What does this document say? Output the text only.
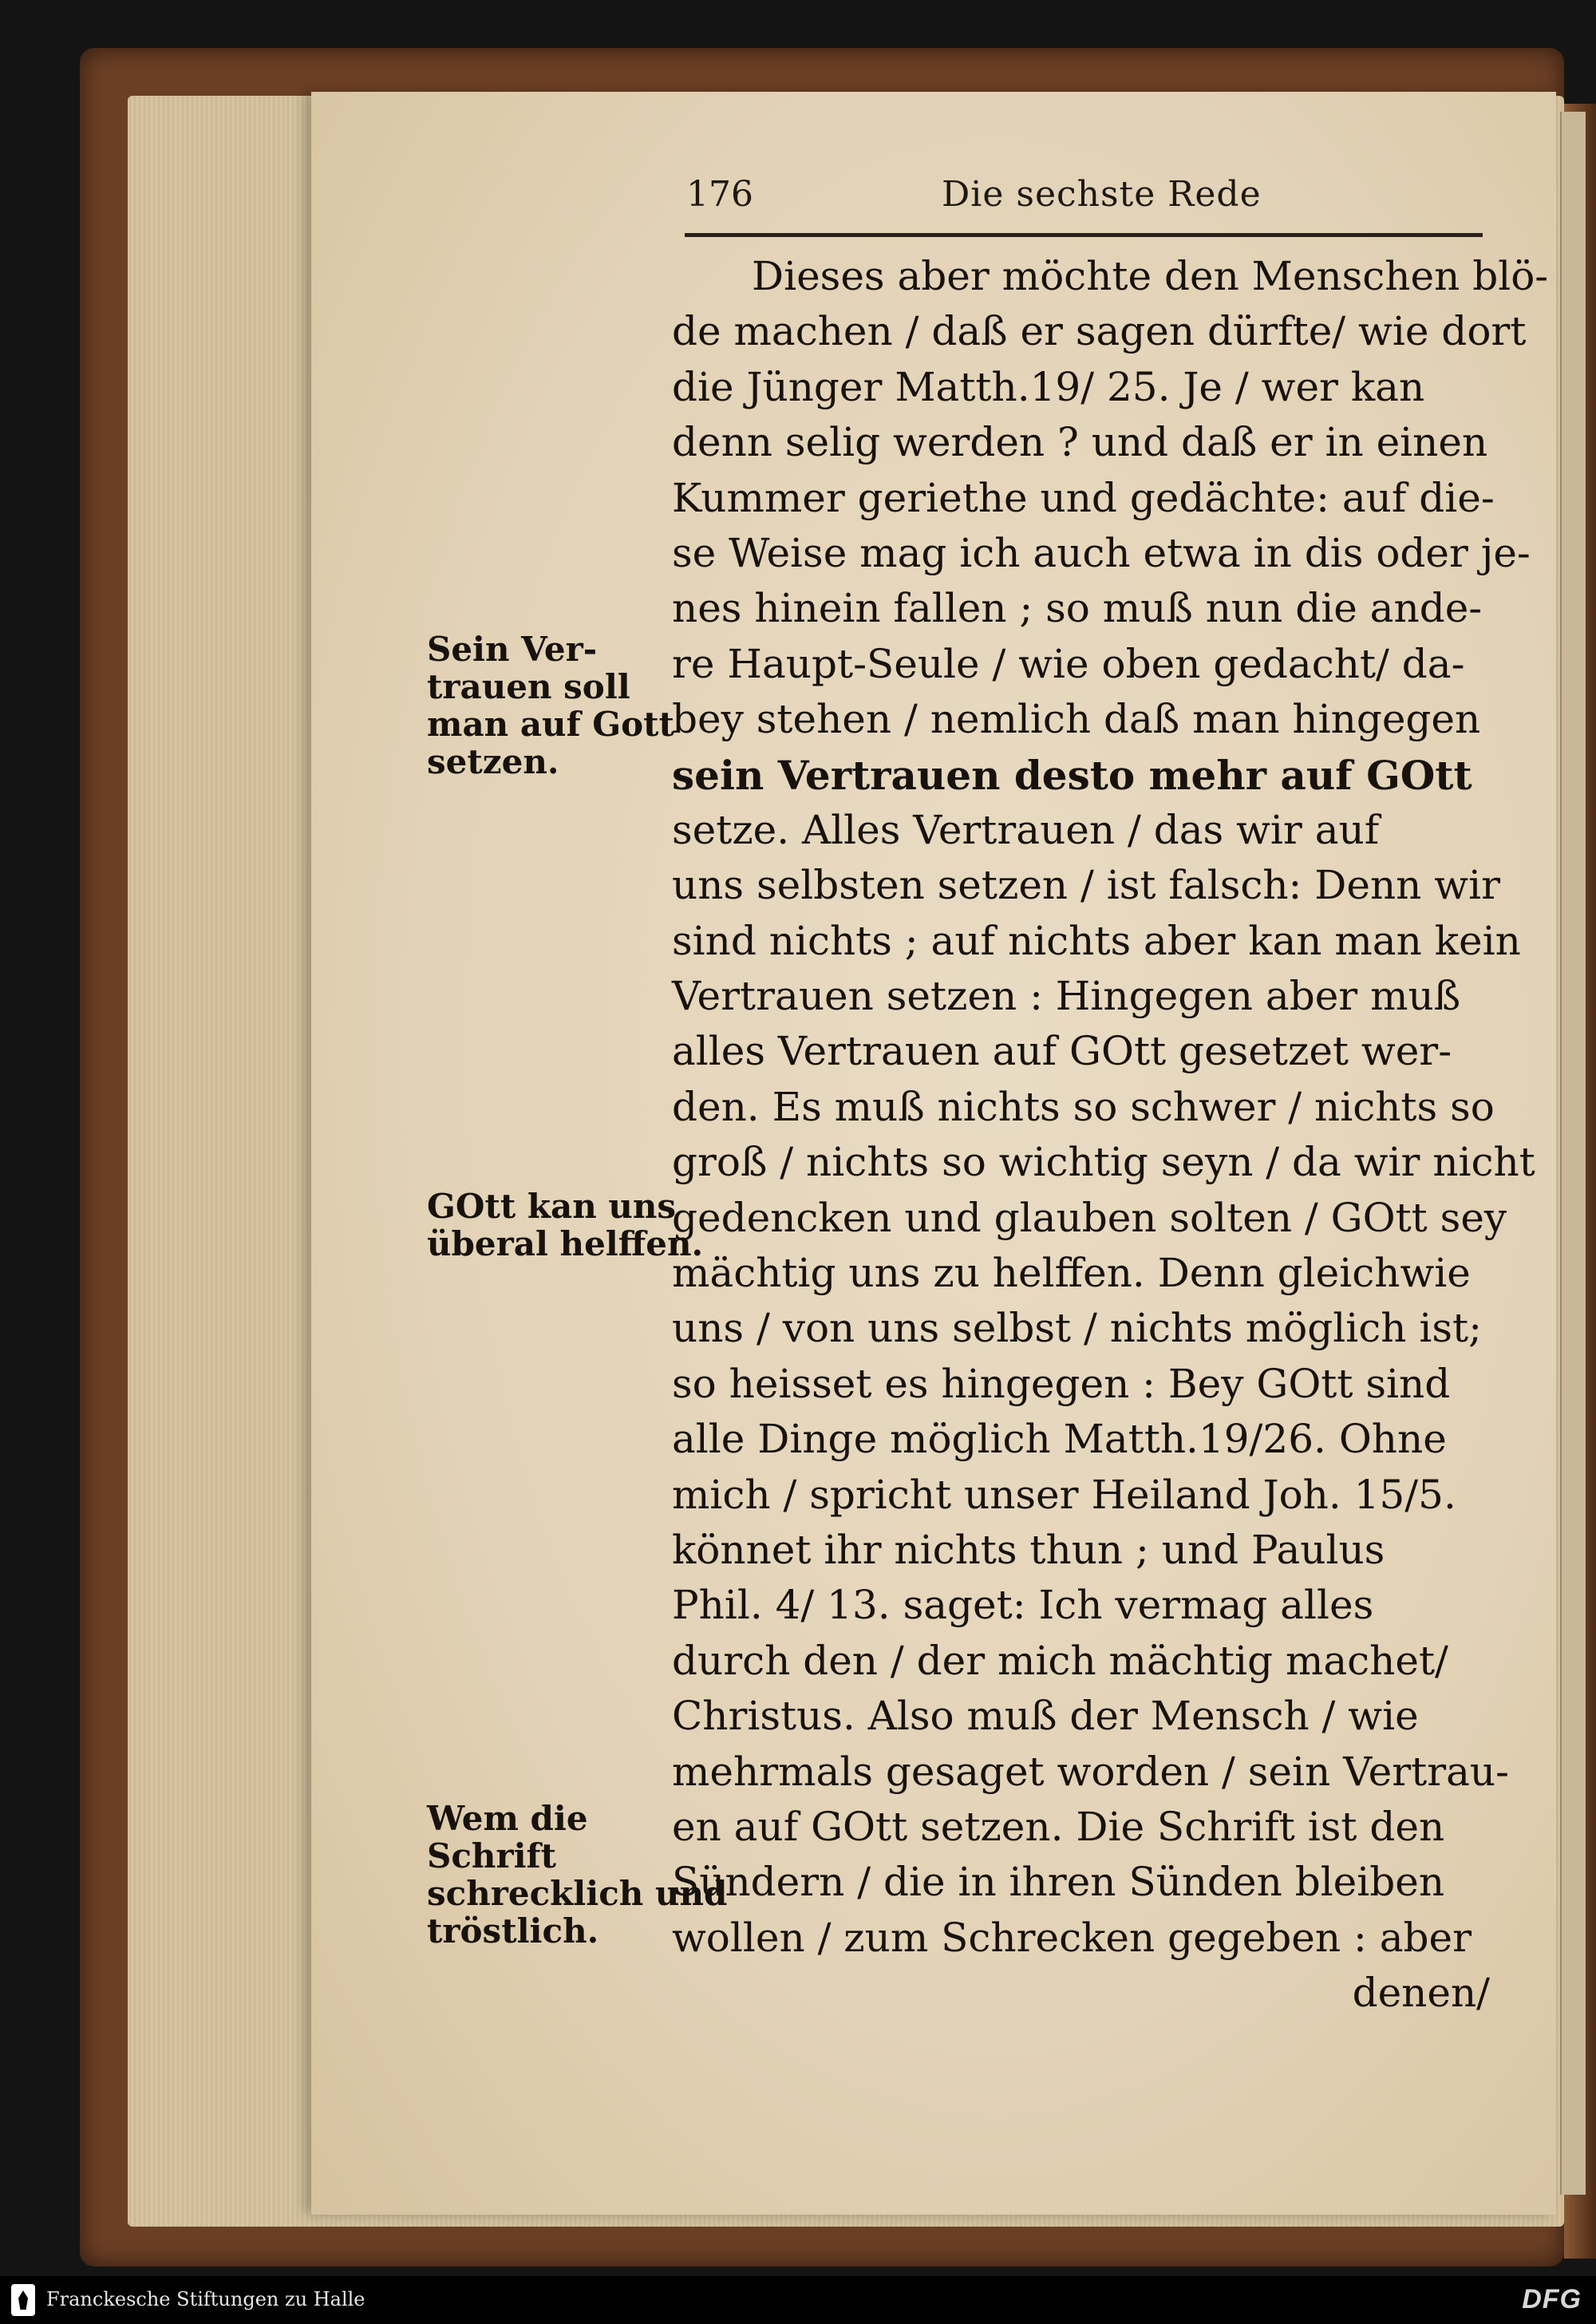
176	Die sechste Rede
Dieses aber möchte den Menschen blö-
de machen / daß er sagen dürfte/ wie dort
die Jünger Matth.19/ 25. Je / wer kan
denn selig werden ? und daß er in einen
Kummer geriethe und gedächte: auf die-
se Weise mag ich auch etwa in dis oder je-
nes hinein fallen ; so muß nun die ande-
re Haupt-Seule / wie oben gedacht/ da-
bey stehen / nemlich daß man hingegen
sein Vertrauen desto mehr auf GOtt
setze. Alles Vertrauen / das wir auf
uns selbsten setzen / ist falsch: Denn wir
sind nichts ; auf nichts aber kan man kein
Vertrauen setzen : Hingegen aber muß
alles Vertrauen auf GOtt gesetzet wer-
den. Es muß nichts so schwer / nichts so
groß / nichts so wichtig seyn / da wir nicht
gedencken und glauben solten / GOtt sey
mächtig uns zu helffen. Denn gleichwie
uns / von uns selbst / nichts möglich ist;
so heisset es hingegen : Bey GOtt sind
alle Dinge möglich Matth.19/26. Ohne
mich / spricht unser Heiland Joh. 15/5.
könnet ihr nichts thun ; und Paulus
Phil. 4/ 13. saget: Ich vermag alles
durch den / der mich mächtig machet/
Christus. Also muß der Mensch / wie
mehrmals gesaget worden / sein Vertrau-
en auf GOtt setzen. Die Schrift ist den
Sündern / die in ihren Sünden bleiben
wollen / zum Schrecken gegeben : aber
denen/
Sein Ver-
trauen soll
man auf Gott
setzen.
GOtt kan uns
überal helffen.
Wem die
Schrift
schrecklich und
tröstlich.
Franckesche Stiftungen zu Halle	DFG
